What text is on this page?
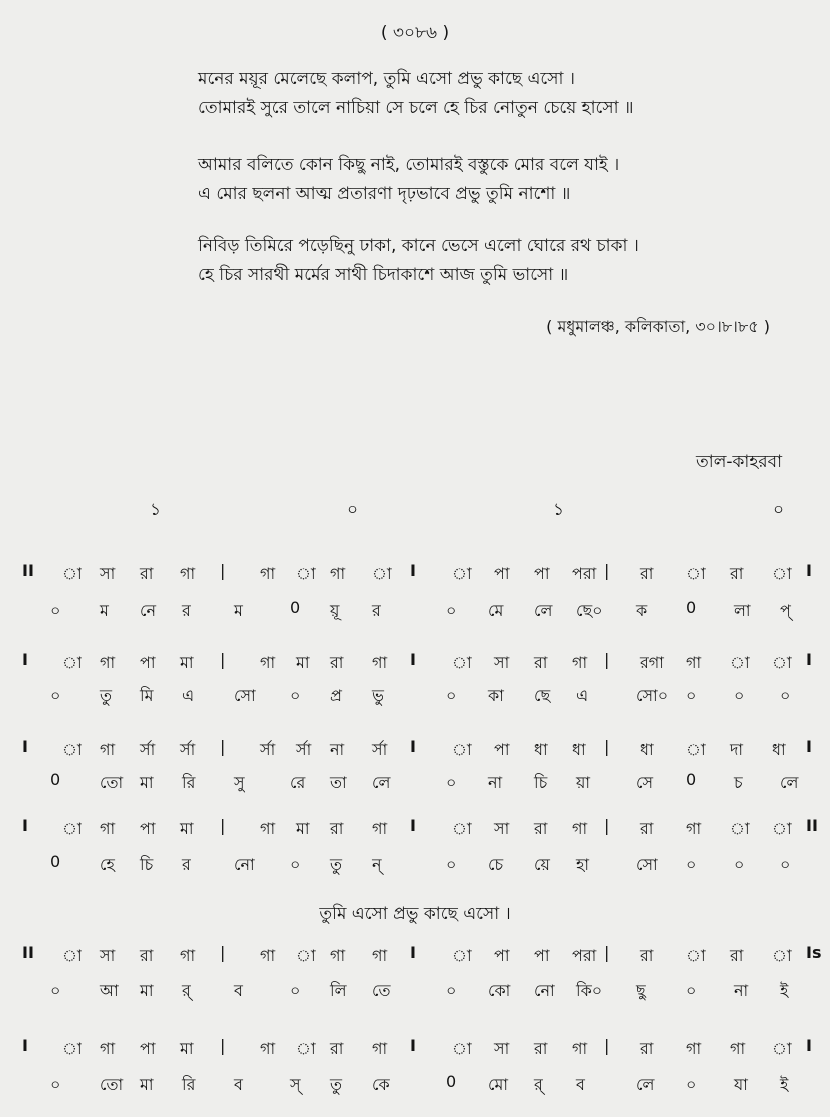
( ৩০৮৬ )
মনের ময়ূর মেলেছে কলাপ, তুমি এসো প্রভু কাছে এসো ।
তোমারই সুরে তালে নাচিয়া সে চলে হে চির নোতুন চেয়ে হাসো ॥
আমার বলিতে কোন কিছু নাই, তোমারই বস্তুকে মোর বলে যাই ।
এ মোর ছলনা আত্ম প্রতারণা দৃঢ়ভাবে প্রভু তুমি নাশো ॥
নিবিড় তিমিরে পড়েছিনু ঢাকা, কানে ভেসে এলো ঘোরে রথ চাকা ।
হে চির সারথী মর্মের সাথী চিদাকাশে আজ তুমি ভাসো ॥
( মধুমালঞ্চ, কলিকাতা, ৩০।৮।৮৫ )
তাল-কাহরবা
১	০	১	০
II া সা রা গা | গা া গা া I া পা পা পরা | রা া রা া I
০ ম নে র	ম	0 য়ূ র	০ মে লে ছে০ ক 0 লা প্
I া গা পা মা | গা মা রা গা I া সা রা গা | রগা গা া া I
০ তু মি এ সো ০ প্র ভু	০ কা ছে এ	সো০ ০ ০ ০
I া গা র্সা র্সা | র্সা র্সা না র্সা I া পা ধা ধা | ধা া দা ধা I
0 তো মা রি সু	রে তা লে	০ না চি য়া	সে 0 চ লে
I া গা পা মা | গা মা রা গা I া সা রা গা | রা গা া া II
0 হে চি র	নো ০ তু ন্	০ চে য়ে হা	সো ০ ০ ০
II া সা রা গা | গা া গা গা I া পা পা পরা | রা া রা া Is
০ আ মা র্	ব	০ লি তে	০ কো নো কি০ ছু	০ না ই
I া গা পা মা | গা া রা গা I া সা রা গা | রা গা গা া I
০ তো মা রি ব	স্ তু কে	0 মো র্ ব	লে ০ যা ই
তুমি এসো প্রভু কাছে এসো ।
